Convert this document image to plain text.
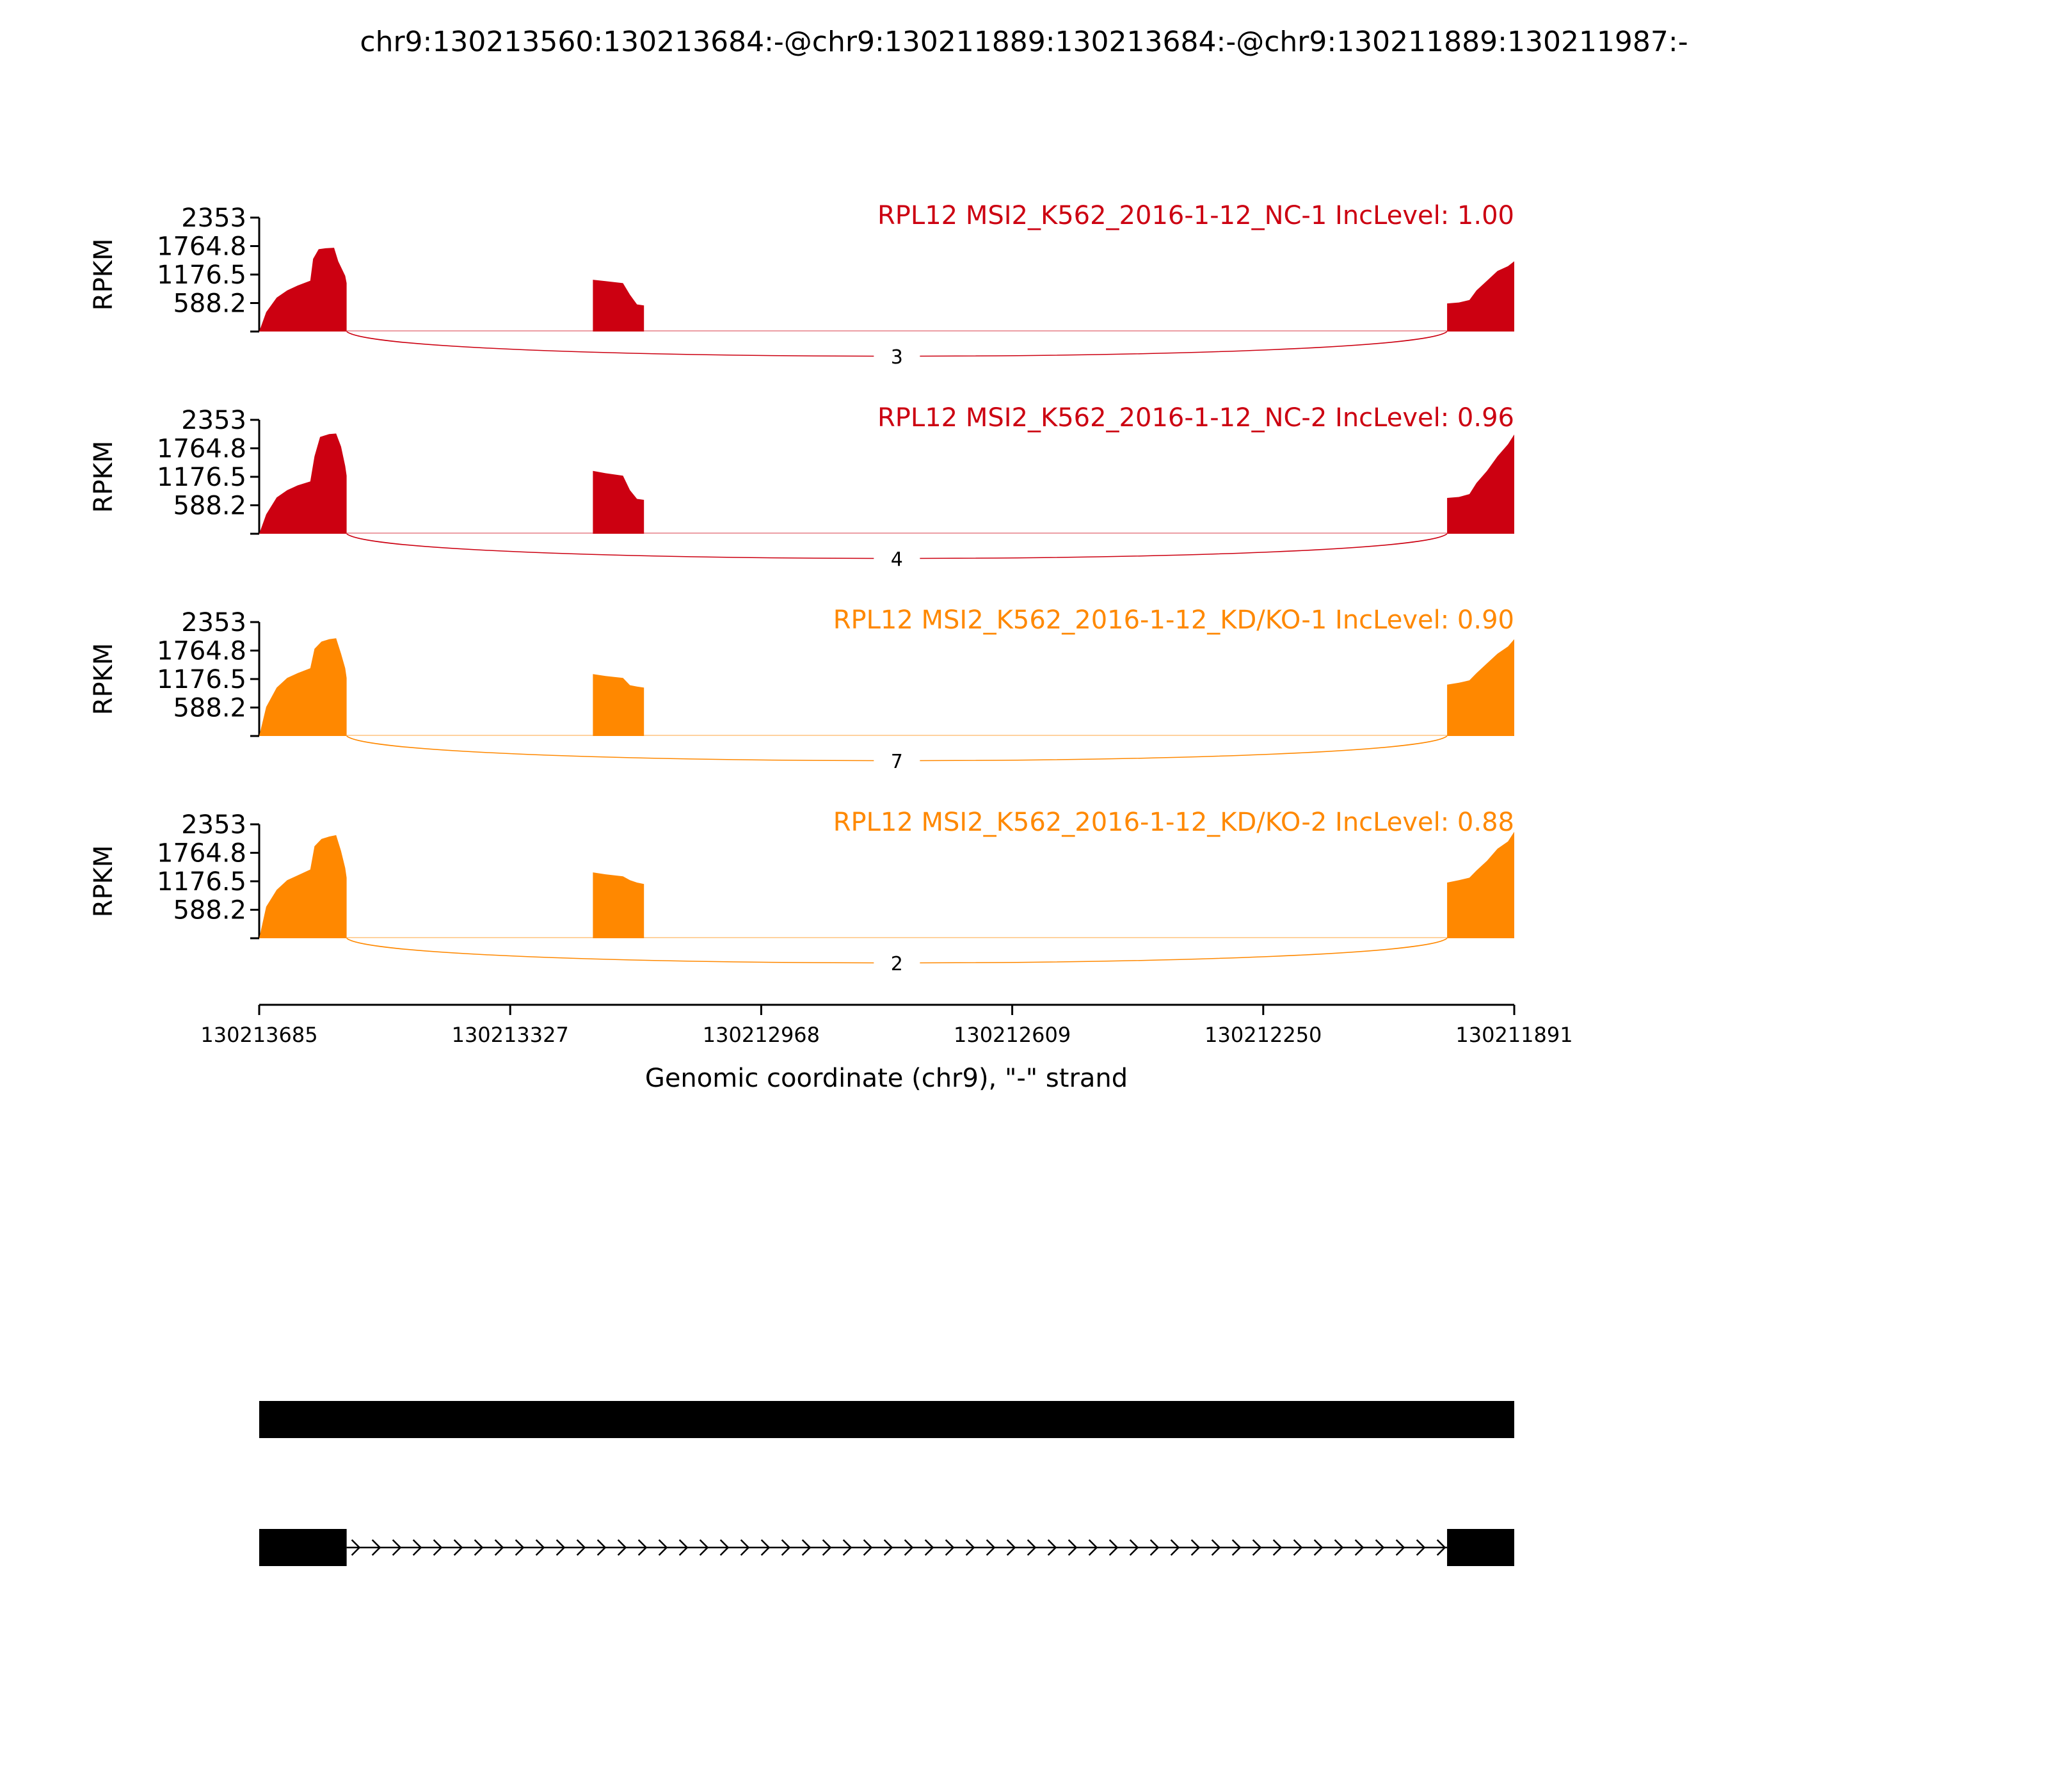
chr9:130213560:130213684:-@chr9:130211889:130213684:-@chr9:130211889:130211987:-
2353
1764.8
1176.5
588.2
RPKM
3
RPL12 MSI2_K562_2016-1-12_NC-1 IncLevel: 1.00
2353
1764.8
1176.5
588.2
RPKM
4
RPL12 MSI2_K562_2016-1-12_NC-2 IncLevel: 0.96
2353
1764.8
1176.5
588.2
RPKM
7
RPL12 MSI2_K562_2016-1-12_KD/KO-1 IncLevel: 0.90
2353
1764.8
1176.5
588.2
RPKM
2
RPL12 MSI2_K562_2016-1-12_KD/KO-2 IncLevel: 0.88
130213685	130213327	130212968	130212609	130212250	130211891
Genomic coordinate (chr9), "-" strand
